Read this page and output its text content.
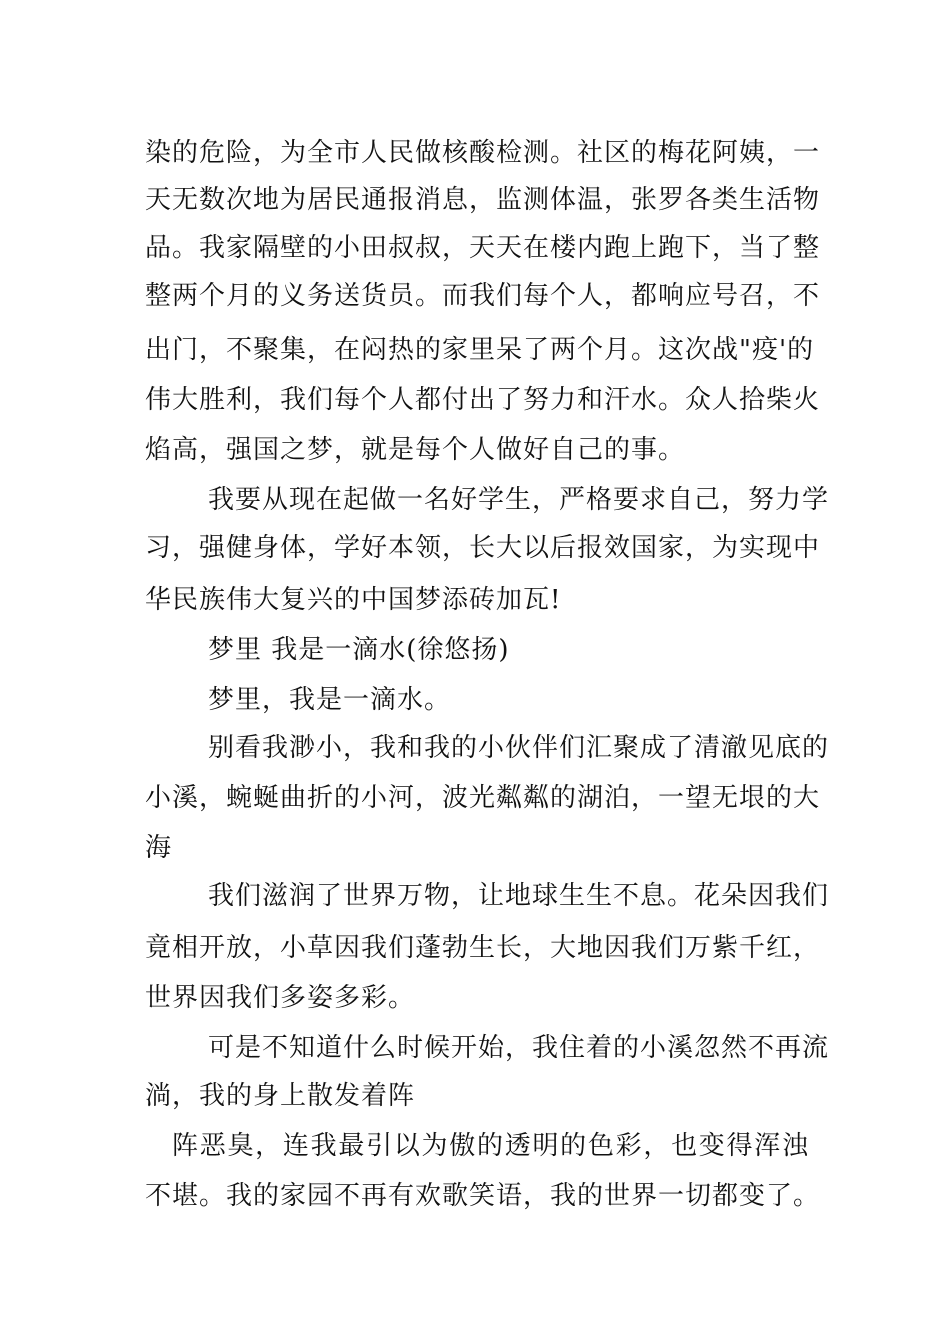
染的危险，为全市人民做核酸检测。社区的梅花阿姨，一
天无数次地为居民通报消息，监测体温，张罗各类生活物
品。我家隔壁的小田叔叔，天天在楼内跑上跑下，当了整
整两个月的义务送货员。而我们每个人，都响应号召，不
出门，不聚集，在闷热的家里呆了两个月。这次战"疫'的
伟大胜利，我们每个人都付出了努力和汗水。众人拾柴火
焰高，强国之梦，就是每个人做好自己的事。
我要从现在起做一名好学生，严格要求自己，努力学
习，强健身体，学好本领，长大以后报效国家，为实现中
华民族伟大复兴的中国梦添砖加瓦!
梦里 我是一滴水(徐悠扬)
梦里，我是一滴水。
别看我渺小，我和我的小伙伴们汇聚成了清澈见底的
小溪，蜿蜒曲折的小河，波光粼粼的湖泊，一望无垠的大
海
我们滋润了世界万物，让地球生生不息。花朵因我们
竟相开放，小草因我们蓬勃生长，大地因我们万紫千红，
世界因我们多姿多彩。
可是不知道什么时候开始，我住着的小溪忽然不再流
淌，我的身上散发着阵
阵恶臭，连我最引以为傲的透明的色彩，也变得浑浊
不堪。我的家园不再有欢歌笑语，我的世界一切都变了。
